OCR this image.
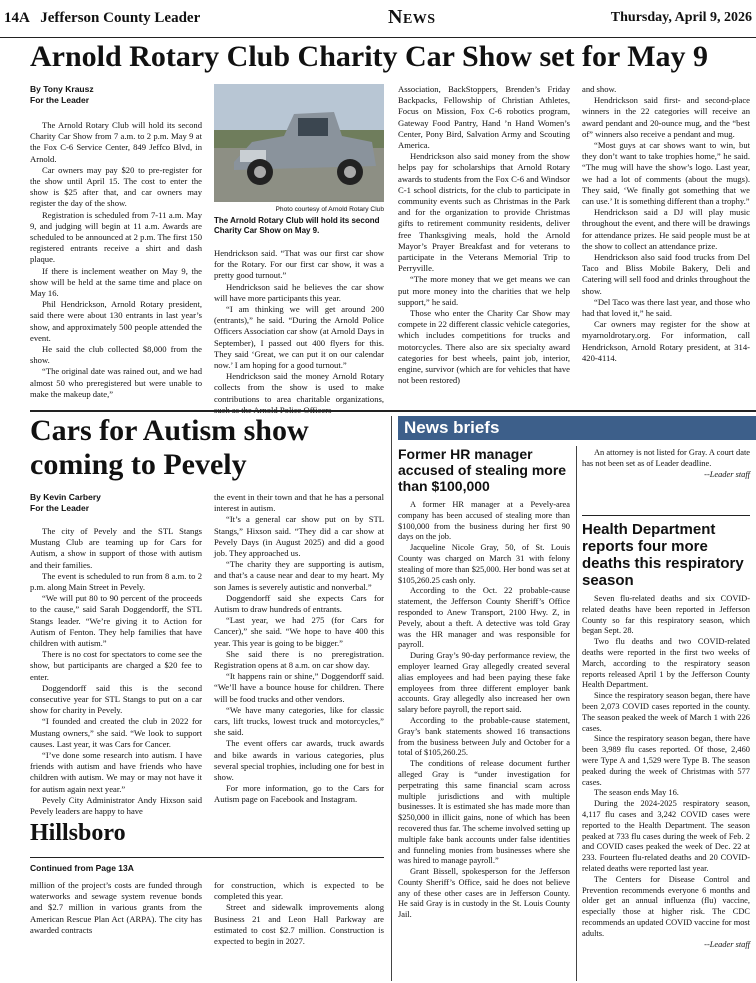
14A   Jefferson County Leader	News	Thursday, April 9, 2026
Arnold Rotary Club Charity Car Show set for May 9
By Tony Krausz
For the Leader

The Arnold Rotary Club will hold its second Charity Car Show from 7 a.m. to 2 p.m. May 9 at the Fox C-6 Service Center, 849 Jeffco Blvd, in Arnold.

Car owners may pay $20 to pre-register for the show until April 15. The cost to enter the show is $25 after that, and car owners may register the day of the show.

Registration is scheduled from 7-11 a.m. May 9, and judging will begin at 11 a.m. Awards are scheduled to be announced at 2 p.m. The first 150 registered entrants receive a shirt and dash plaque.

If there is inclement weather on May 9, the show will be held at the same time and place on May 16.

Phil Hendrickson, Arnold Rotary president, said there were about 130 entrants in last year’s show, and approximately 500 people attended the event.

He said the club collected $8,000 from the show.

“The original date was rained out, and we had almost 50 who preregistered but were unable to make the makeup date,”

Photo courtesy of Arnold Rotary Club
The Arnold Rotary Club will hold its second Charity Car Show on May 9.

Hendrickson said. “That was our first car show for the Rotary. For our first car show, it was a pretty good turnout.”

Hendrickson said he believes the car show will have more participants this year.

“I am thinking we will get around 200 (entrants),” he said. “During the Arnold Police Officers Association car show (at Arnold Days in September), I passed out 400 flyers for this. They said ‘Great, we can put it on our calendar now.’ I am hoping for a good turnout.”

Hendrickson said the money Arnold Rotary collects from the show is used to make contributions to area charitable organizations,

Association, BackStoppers, Brenden’s Friday Backpacks, Fellowship of Christian Athletes, Focus on Mission, Fox C-6 robotics program, Gateway Food Pantry, Hand ’n Hand Women’s Center, Pony Bird, Salvation Army and Scouting America.

Hendrickson also said money from the show helps pay for scholarships that Arnold Rotary awards to students from the Fox C-6 and Windsor C-1 school districts, for the club to participate in community events such as Christmas in the Park and for the organization to provide Christmas gifts to retirement community residents, deliver free Thanksgiving meals, hold the Arnold Mayor’s Prayer Breakfast and for veterans to participate in the Veterans Memorial Trip to Perryville.

“The more money that we get means we can put more money into the charities that we help support,” he said.

Those who enter the Charity Car Show may compete in 22 different classic vehicle categories, which includes competitions for trucks and motorcycles. There also are six specialty award categories for best wheels, paint job, interior, engine, survivor (which are for vehicles that have not been restored)

and show.

Hendrickson said first- and second-place winners in the 22 categories will receive an award pendant and 20-ounce mug, and the “best of” winners also receive a pendant and mug.

“Most guys at car shows want to win, but they don’t want to take trophies home,” he said. “The mug will have the show’s logo. Last year, we had a lot of comments (about the mugs). They said, ‘We finally got something that we can use.’ It is something different than a trophy.”

Hendrickson said a DJ will play music throughout the event, and there will be drawings for attendance prizes. He said people must be at the show to collect an attendance prize.

Hendrickson also said food trucks from Del Taco and Bliss Mobile Bakery, Deli and Catering will sell food and drinks throughout the show.

“Del Taco was there last year, and those who had that loved it,” he said.

Car owners may register for the show at myarnoldrotary.org. For information, call Hendrickson, Arnold Rotary president, at 314-420-4114.

Cars for Autism show coming to Pevely
By Kevin Carbery
For the Leader

The city of Pevely and the STL Stangs Mustang Club are teaming up for Cars for Autism, a show in support of those with autism and their families.

The event is scheduled to run from 8 a.m. to 2 p.m. along Main Street in Pevely.

“We will put 80 to 90 percent of the proceeds to the cause,” said Sarah Doggendorff, the STL Stangs leader. “We’re giving it to Action for Autism of Fenton. They help families that have children with autism.”

There is no cost for spectators to come see the show, but participants are charged a $20 fee to enter.

Doggendorff said this is the second consecutive year for STL Stangs to put on a car show for charity in Pevely.

“I founded and created the club in 2022 for Mustang owners,” she said. “We look to support causes. Last year, it was Cars for Cancer.

“I’ve done some research into autism. I have friends with autism and have friends who have children with autism. We may or may not have it for autism again next year.”

Pevely City Administrator Andy Hixson said Pevely leaders are happy to have

the event in their town and that he has a personal interest in autism.

“It’s a general car show put on by STL Stangs,” Hixson said. “They did a car show at Pevely Days (in August 2025) and did a good job. They approached us.

“The charity they are supporting is autism, and that’s a cause near and dear to my heart. My son James is severely autistic and nonverbal.”

Doggendorff said she expects Cars for Autism to draw hundreds of entrants.

“Last year, we had 275 (for Cars for Cancer),” she said. “We hope to have 400 this year. This year is going to be bigger.”

She said there is no preregistration. Registration opens at 8 a.m. on car show day.

“It happens rain or shine,” Doggendorff said. “We’ll have a bounce house for children. There will be food trucks and other vendors.

“We have many categories, like for classic cars, lift trucks, lowest truck and motorcycles,” she said.

The event offers car awards, truck awards and bike awards in various categories, plus several special trophies, including one for best in show.

For more information, go to the Cars for Autism page on Facebook and Instagram.

Hillsboro
Continued from Page 13A

million of the project’s costs are funded through waterworks and sewage system revenue bonds and $2.7 million in various grants from the American Rescue Plan Act (ARPA). The city has awarded contracts

for construction, which is expected to be completed this year.

Street and sidewalk improvements along Business 21 and Leon Hall Parkway are estimated to cost $2.7 million. Construction is expected to begin in 2027.

News briefs
Former HR manager accused of stealing more than $100,000

A former HR manager at a Pevely-area company has been accused of stealing more than $100,000 from the business during her first 90 days on the job.

Jacqueline Nicole Gray, 50, of St. Louis County was charged on March 31 with felony stealing of more than $25,000. Her bond was set at $105,260.25 cash only.

According to the Oct. 22 probable-cause statement, the Jefferson County Sheriff’s Office responded to Anew Transport, 2100 Hwy. Z, in Pevely, about a theft. A detective was told Gray was the HR manager and was responsible for payroll.

During Gray’s 90-day performance review, the employer learned Gray allegedly created several alias employees and had been paying these fake employees from three different employer bank accounts. Gray allegedly also increased her own salary before payroll, the report said.

According to the probable-cause statement, Gray’s bank statements showed 16 transactions from the business between July and October for a total of $105,260.25.

The conditions of release document further alleged Gray is “under investigation for perpetrating this same financial scam across multiple jurisdictions and with multiple businesses. It is estimated she has made more than $250,000 in illicit gains, none of which has been recovered thus far. The scheme involved setting up multiple fake bank accounts under false identities and funneling monies from businesses where she was hired to manage payroll.”

Grant Bissell, spokesperson for the Jefferson County Sheriff’s Office, said he does not believe any of these other cases are in Jefferson County. He said Gray is in custody in the St. Louis County Jail.

An attorney is not listed for Gray. A court date has not been set as of Leader deadline.

--Leader staff
Health Department reports four more deaths this respiratory season

Seven flu-related deaths and six COVID-related deaths have been reported in Jefferson County so far this respiratory season, which began Sept. 28.

Two flu deaths and two COVID-related deaths were reported in the first two weeks of March, according to the respiratory season reports released April 1 by the Jefferson County Health Department.

Since the respiratory season began, there have been 2,073 COVID cases reported in the county. The season peaked the week of March 1 with 226 cases.

Since the respiratory season began, there have been 3,989 flu cases reported. Of those, 2,460 were Type A and 1,529 were Type B. The season peaked during the week of Christmas with 577 cases.

The season ends May 16.

During the 2024-2025 respiratory season, 4,117 flu cases and 3,242 COVID cases were reported to the Health Department. The season peaked at 733 flu cases during the week of Feb. 2 and COVID cases peaked the week of Dec. 22 at 233. Fourteen flu-related deaths and 20 COVID-related deaths were reported last year.

The Centers for Disease Control and Prevention recommends everyone 6 months and older get an annual influenza (flu) vaccine, especially those at higher risk. The CDC recommends an updated COVID vaccine for most adults.

--Leader staff
